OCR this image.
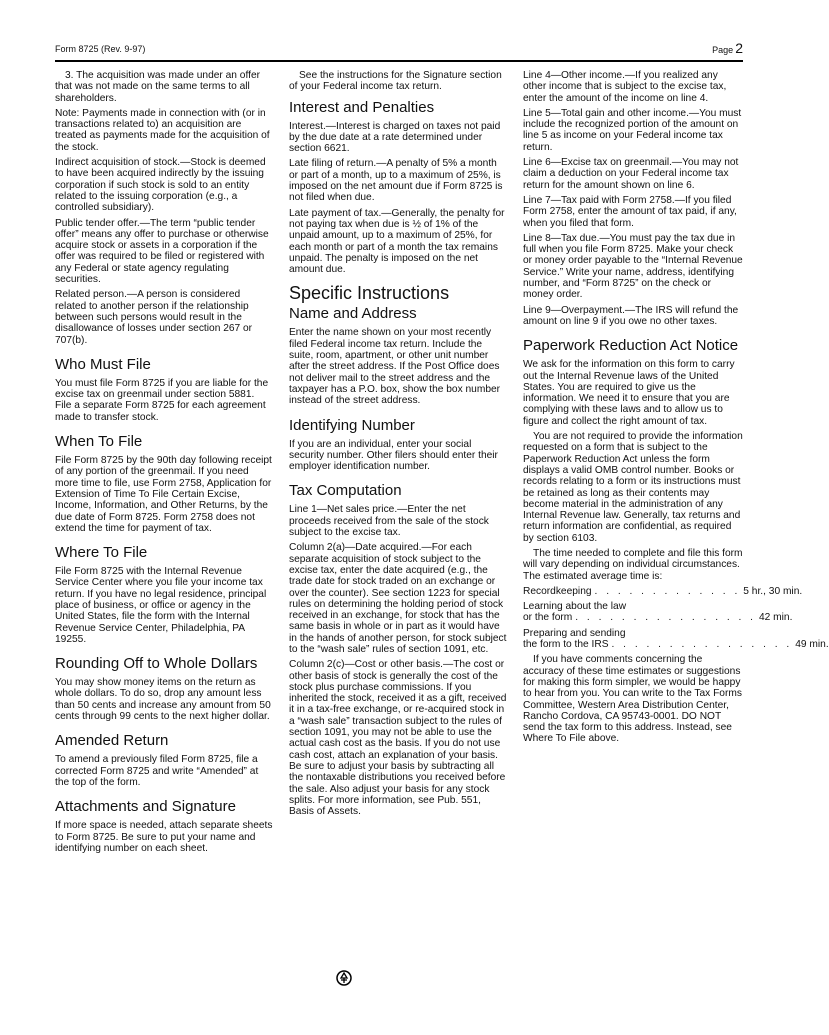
Form 8725 (Rev. 9-97)	Page 2

3. The acquisition was made under an offer that was not made on the same terms to all shareholders.

Note: Payments made in connection with (or in transactions related to) an acquisition are treated as payments made for the acquisition of the stock.

Indirect acquisition of stock.—Stock is deemed to have been acquired indirectly by the issuing corporation if such stock is sold to an entity related to the issuing corporation (e.g., a controlled subsidiary).

Public tender offer.—The term “public tender offer” means any offer to purchase or otherwise acquire stock or assets in a corporation if the offer was required to be filed or registered with any Federal or state agency regulating securities.

Related person.—A person is considered related to another person if the relationship between such persons would result in the disallowance of losses under section 267 or 707(b).

Who Must File

You must file Form 8725 if you are liable for the excise tax on greenmail under section 5881. File a separate Form 8725 for each agreement made to transfer stock.

When To File

File Form 8725 by the 90th day following receipt of any portion of the greenmail. If you need more time to file, use Form 2758, Application for Extension of Time To File Certain Excise, Income, Information, and Other Returns, by the due date of Form 8725. Form 2758 does not extend the time for payment of tax.

Where To File

File Form 8725 with the Internal Revenue Service Center where you file your income tax return. If you have no legal residence, principal place of business, or office or agency in the United States, file the form with the Internal Revenue Service Center, Philadelphia, PA 19255.

Rounding Off to Whole Dollars

You may show money items on the return as whole dollars. To do so, drop any amount less than 50 cents and increase any amount from 50 cents through 99 cents to the next higher dollar.

Amended Return

To amend a previously filed Form 8725, file a corrected Form 8725 and write “Amended” at the top of the form.

Attachments and Signature

If more space is needed, attach separate sheets to Form 8725. Be sure to put your name and identifying number on each sheet.

See the instructions for the Signature section of your Federal income tax return.

Interest and Penalties

Interest.—Interest is charged on taxes not paid by the due date at a rate determined under section 6621.

Late filing of return.—A penalty of 5% a month or part of a month, up to a maximum of 25%, is imposed on the net amount due if Form 8725 is not filed when due.

Late payment of tax.—Generally, the penalty for not paying tax when due is ½ of 1% of the unpaid amount, up to a maximum of 25%, for each month or part of a month the tax remains unpaid. The penalty is imposed on the net amount due.

Specific Instructions
Name and Address

Enter the name shown on your most recently filed Federal income tax return. Include the suite, room, apartment, or other unit number after the street address. If the Post Office does not deliver mail to the street address and the taxpayer has a P.O. box, show the box number instead of the street address.

Identifying Number

If you are an individual, enter your social security number. Other filers should enter their employer identification number.

Tax Computation

Line 1—Net sales price.—Enter the net proceeds received from the sale of the stock subject to the excise tax.

Column 2(a)—Date acquired.—For each separate acquisition of stock subject to the excise tax, enter the date acquired (e.g., the trade date for stock traded on an exchange or over the counter). See section 1223 for special rules on determining the holding period of stock received in an exchange, for stock that has the same basis in whole or in part as it would have in the hands of another person, for stock subject to the “wash sale” rules of section 1091, etc.

Column 2(c)—Cost or other basis.—The cost or other basis of stock is generally the cost of the stock plus purchase commissions. If you inherited the stock, received it as a gift, received it in a tax-free exchange, or re-acquired stock in a “wash sale” transaction subject to the rules of section 1091, you may not be able to use the actual cash cost as the basis. If you do not use cash cost, attach an explanation of your basis. Be sure to adjust your basis by subtracting all the nontaxable distributions you received before the sale. Also adjust your basis for any stock splits. For more information, see Pub. 551, Basis of Assets.

Line 4—Other income.—If you realized any other income that is subject to the excise tax, enter the amount of the income on line 4.

Line 5—Total gain and other income.—You must include the recognized portion of the amount on line 5 as income on your Federal income tax return.

Line 6—Excise tax on greenmail.—You may not claim a deduction on your Federal income tax return for the amount shown on line 6.

Line 7—Tax paid with Form 2758.—If you filed Form 2758, enter the amount of tax paid, if any, when you filed that form.

Line 8—Tax due.—You must pay the tax due in full when you file Form 8725. Make your check or money order payable to the “Internal Revenue Service.” Write your name, address, identifying number, and “Form 8725” on the check or money order.

Line 9—Overpayment.—The IRS will refund the amount on line 9 if you owe no other taxes.

Paperwork Reduction Act Notice

We ask for the information on this form to carry out the Internal Revenue laws of the United States. You are required to give us the information. We need it to ensure that you are complying with these laws and to allow us to figure and collect the right amount of tax.

You are not required to provide the information requested on a form that is subject to the Paperwork Reduction Act unless the form displays a valid OMB control number. Books or records relating to a form or its instructions must be retained as long as their contents may become material in the administration of any Internal Revenue law. Generally, tax returns and return information are confidential, as required by section 6103.

The time needed to complete and file this form will vary depending on individual circumstances. The estimated average time is:

Recordkeeping . . . . . . . . . . . . . 5 hr., 30 min.
Learning about the law
or the form . . . . . . . . . . . . . . . . 42 min.
Preparing and sending
the form to the IRS . . . . . . . . . . . . . . . . 49 min.

If you have comments concerning the accuracy of these time estimates or suggestions for making this form simpler, we would be happy to hear from you. You can write to the Tax Forms Committee, Western Area Distribution Center, Rancho Cordova, CA 95743-0001. DO NOT send the tax form to this address. Instead, see Where To File above.
